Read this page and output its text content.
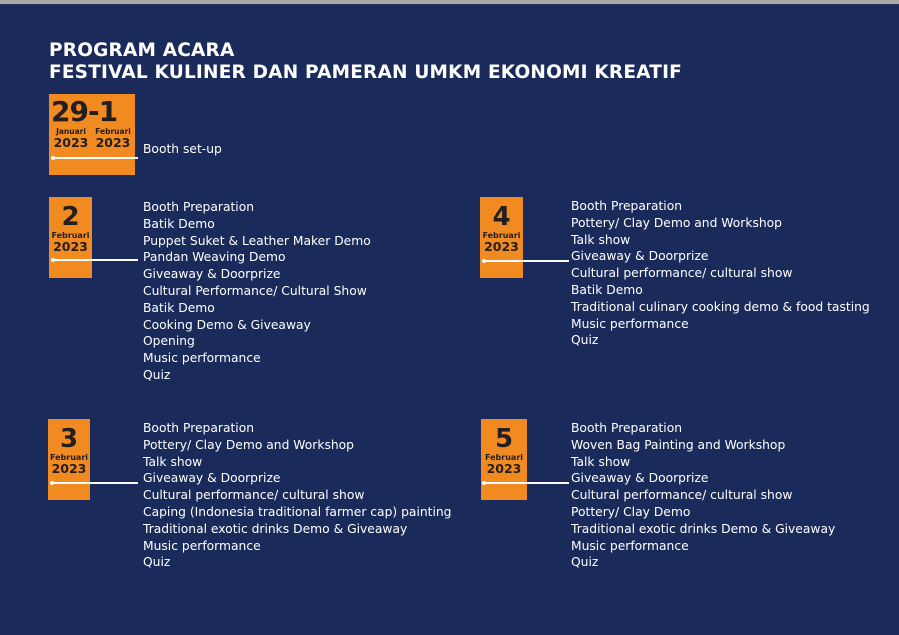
PROGRAM ACARA
FESTIVAL KULINER DAN PAMERAN UMKM EKONOMI KREATIF
29-1
Januari
2023
Februari
2023 Booth set-up
2
Februari
2023
Booth Preparation
Batik Demo
Puppet Suket & Leather Maker Demo
Pandan Weaving Demo
Giveaway & Doorprize
Cultural Performance/ Cultural Show
Batik Demo
Cooking Demo & Giveaway
Opening
Music performance
Quiz
4
Februari
2023
Booth Preparation
Pottery/ Clay Demo and Workshop
Talk show
Giveaway & Doorprize
Cultural performance/ cultural show
Batik Demo
Traditional culinary cooking demo & food tasting
Music performance
Quiz
3
Februari
2023
Booth Preparation
Pottery/ Clay Demo and Workshop
Talk show
Giveaway & Doorprize
Cultural performance/ cultural show
Caping (Indonesia traditional farmer cap) painting
Traditional exotic drinks Demo & Giveaway
Music performance
Quiz
5
Februari
2023
Booth Preparation
Woven Bag Painting and Workshop
Talk show
Giveaway & Doorprize
Cultural performance/ cultural show
Pottery/ Clay Demo
Traditional exotic drinks Demo & Giveaway
Music performance
Quiz
